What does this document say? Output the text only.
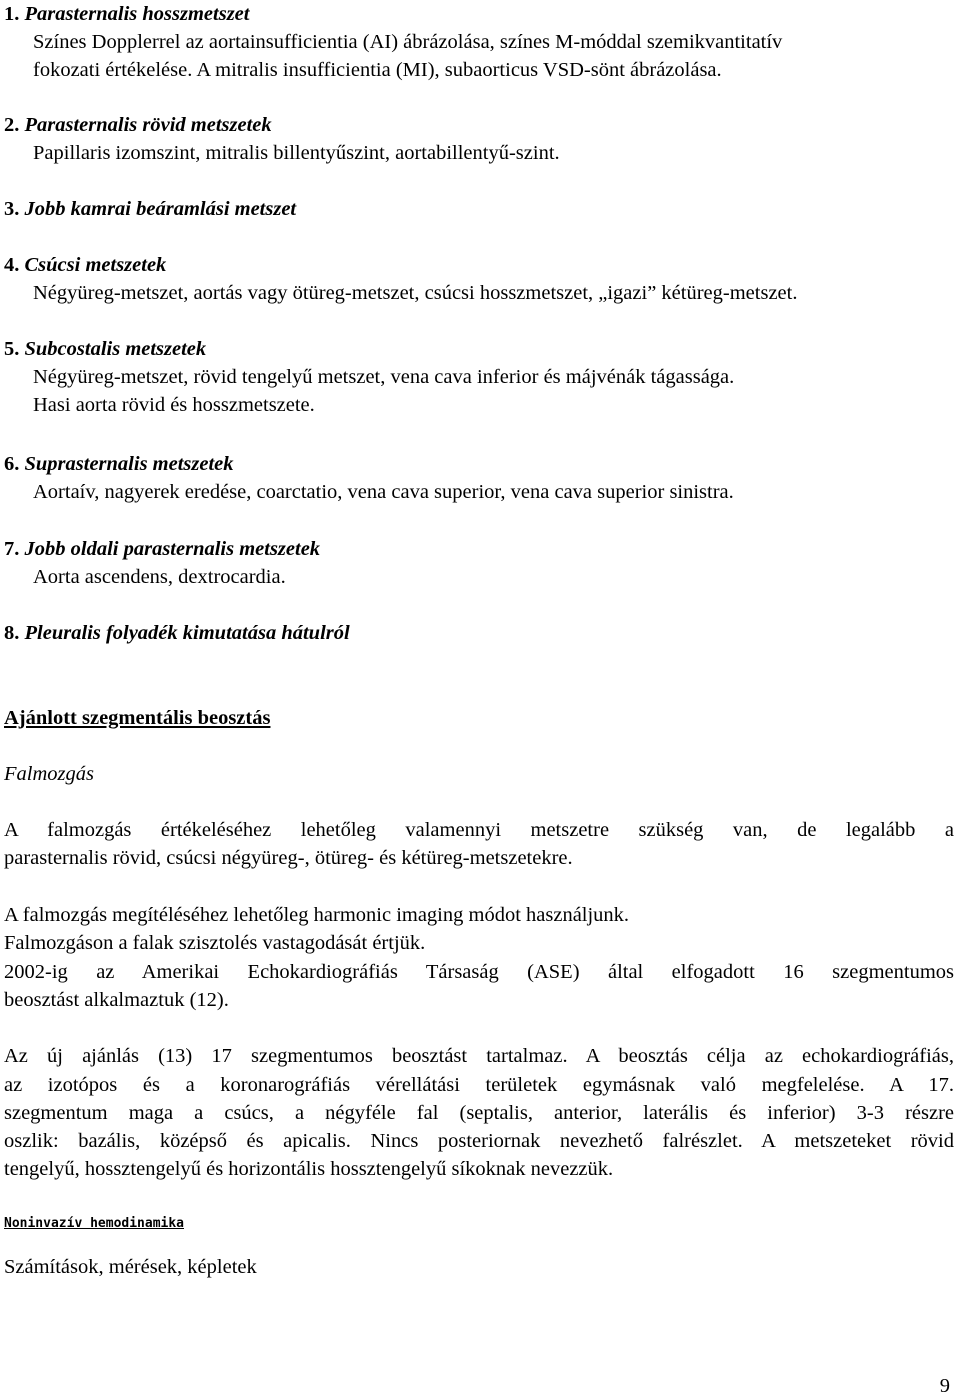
1. Parasternalis hosszmetszet
Színes Dopplerrel az aortainsufficientia (AI) ábrázolása, színes M-móddal szemikvantitatív
fokozati értékelése. A mitralis insufficientia (MI), subaorticus VSD-sönt ábrázolása.
2. Parasternalis rövid metszetek
Papillaris izomszint, mitralis billentyűszint, aortabillentyű-szint.
3. Jobb kamrai beáramlási metszet
4. Csúcsi metszetek
Négyüreg-metszet, aortás vagy ötüreg-metszet, csúcsi hosszmetszet, „igazi” kétüreg-metszet.
5. Subcostalis metszetek
Négyüreg-metszet, rövid tengelyű metszet, vena cava inferior és májvénák tágassága.
Hasi aorta rövid és hosszmetszete.
6. Suprasternalis metszetek
Aortaív, nagyerek eredése, coarctatio, vena cava superior, vena cava superior sinistra.
7. Jobb oldali parasternalis metszetek
Aorta ascendens, dextrocardia.
8. Pleuralis folyadék kimutatása hátulról
Ajánlott szegmentális beosztás
Falmozgás
A falmozgás értékeléséhez lehetőleg valamennyi metszetre szükség van, de legalább a
parasternalis rövid, csúcsi négyüreg-, ötüreg- és kétüreg-metszetekre.
A falmozgás megítéléséhez lehetőleg harmonic imaging módot használjunk.
Falmozgáson a falak szisztolés vastagodását értjük.
2002-ig az Amerikai Echokardiográfiás Társaság (ASE) által elfogadott 16 szegmentumos
beosztást alkalmaztuk (12).
Az új ajánlás (13) 17 szegmentumos beosztást tartalmaz. A beosztás célja az echokardiográfiás,
az izotópos és a koronarográfiás vérellátási területek egymásnak való megfelelése. A 17.
szegmentum maga a csúcs, a négyféle fal (septalis, anterior, laterális és inferior) 3-3 részre
oszlik: bazális, középső és apicalis. Nincs posteriornak nevezhető falrészlet. A metszeteket rövid
tengelyű, hossztengelyű és horizontális hossztengelyű síkoknak nevezzük.
Noninvazív hemodinamika
Számítások, mérések, képletek
9
